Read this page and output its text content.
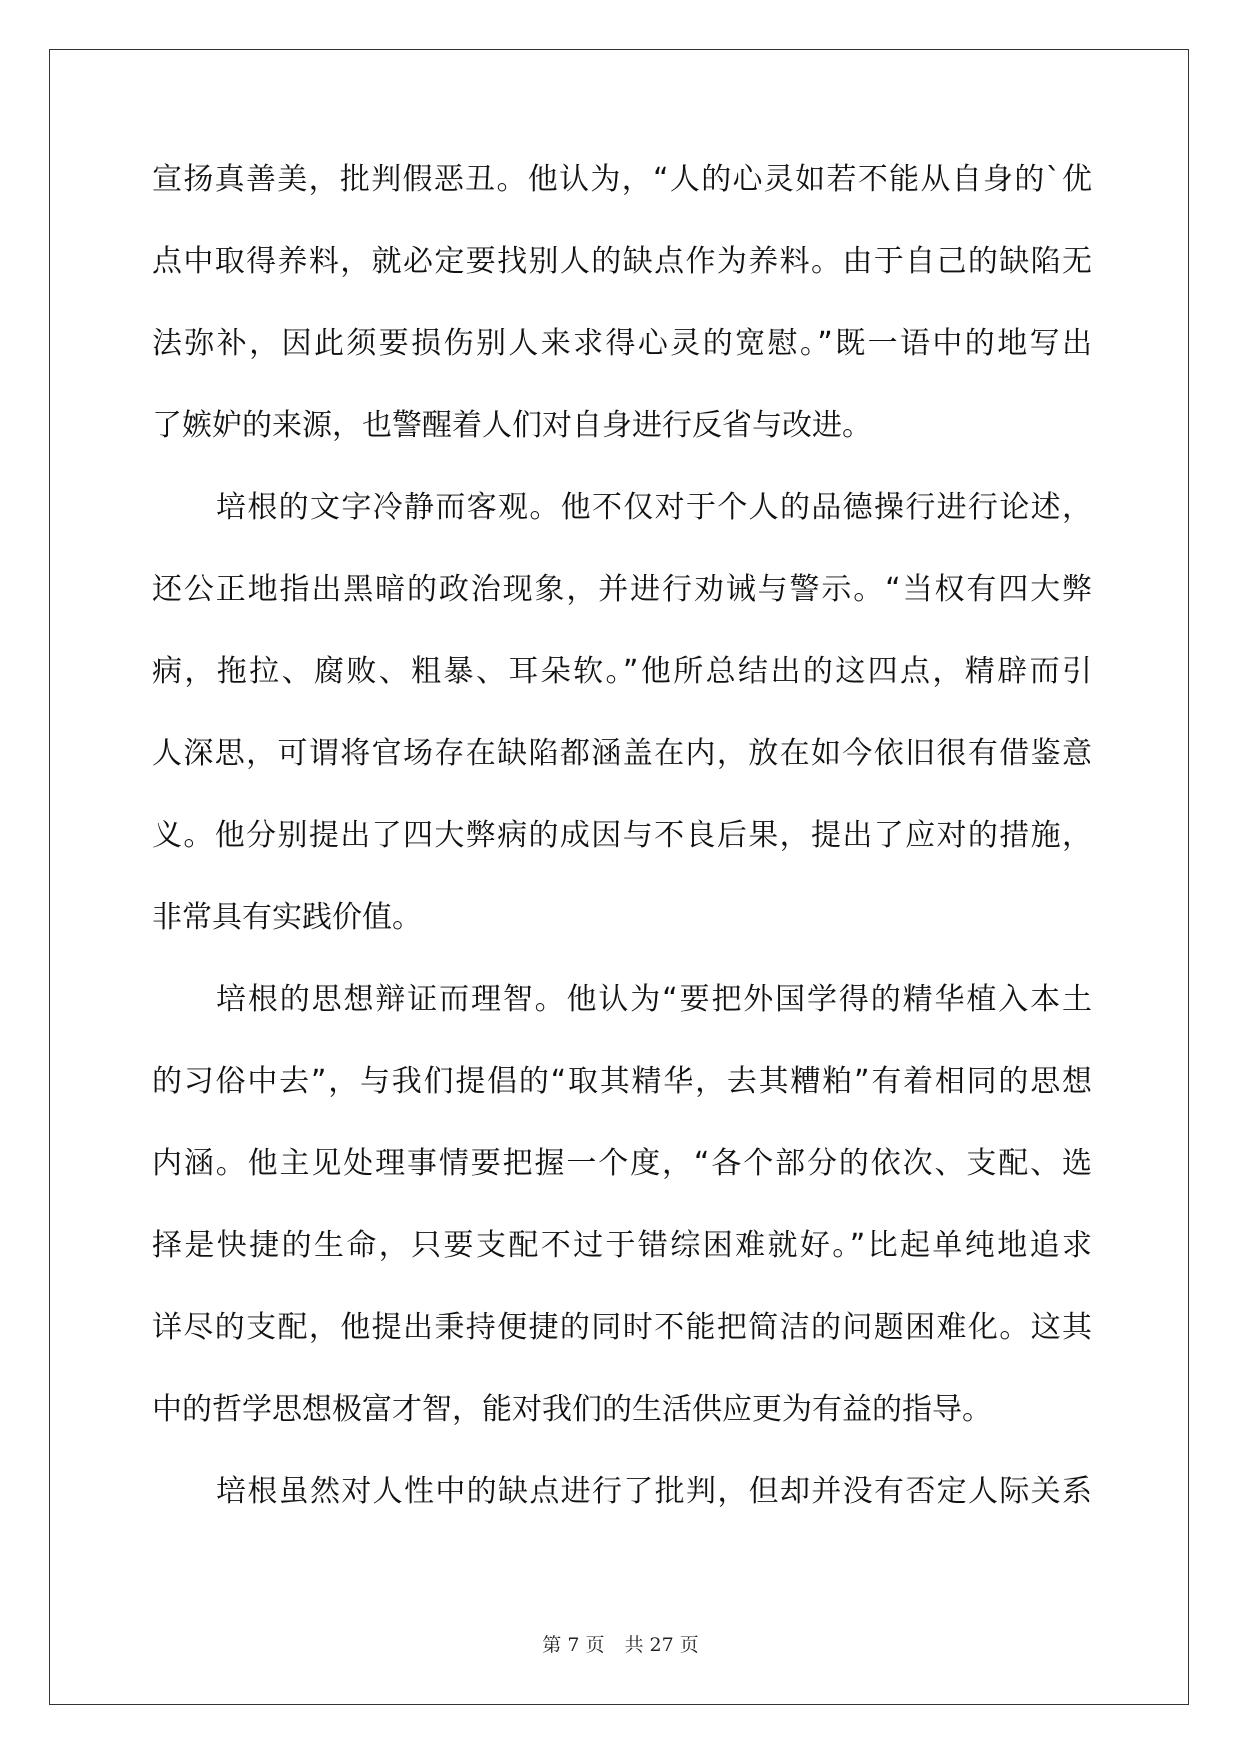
宣扬真善美，批判假恶丑。他认为，“人的心灵如若不能从自身的`优
点中取得养料，就必定要找别人的缺点作为养料。由于自己的缺陷无
法弥补，因此须要损伤别人来求得心灵的宽慰。”既一语中的地写出
了嫉妒的来源，也警醒着人们对自身进行反省与改进。
培根的文字冷静而客观。他不仅对于个人的品德操行进行论述，
还公正地指出黑暗的政治现象，并进行劝诫与警示。“当权有四大弊
病，拖拉、腐败、粗暴、耳朵软。”他所总结出的这四点，精辟而引
人深思，可谓将官场存在缺陷都涵盖在内，放在如今依旧很有借鉴意
义。他分别提出了四大弊病的成因与不良后果，提出了应对的措施，
非常具有实践价值。
培根的思想辩证而理智。他认为“要把外国学得的精华植入本土
的习俗中去”，与我们提倡的“取其精华，去其糟粕”有着相同的思想
内涵。他主见处理事情要把握一个度，“各个部分的依次、支配、选
择是快捷的生命，只要支配不过于错综困难就好。”比起单纯地追求
详尽的支配，他提出秉持便捷的同时不能把简洁的问题困难化。这其
中的哲学思想极富才智，能对我们的生活供应更为有益的指导。
培根虽然对人性中的缺点进行了批判，但却并没有否定人际关系
第 7 页 共 27 页
